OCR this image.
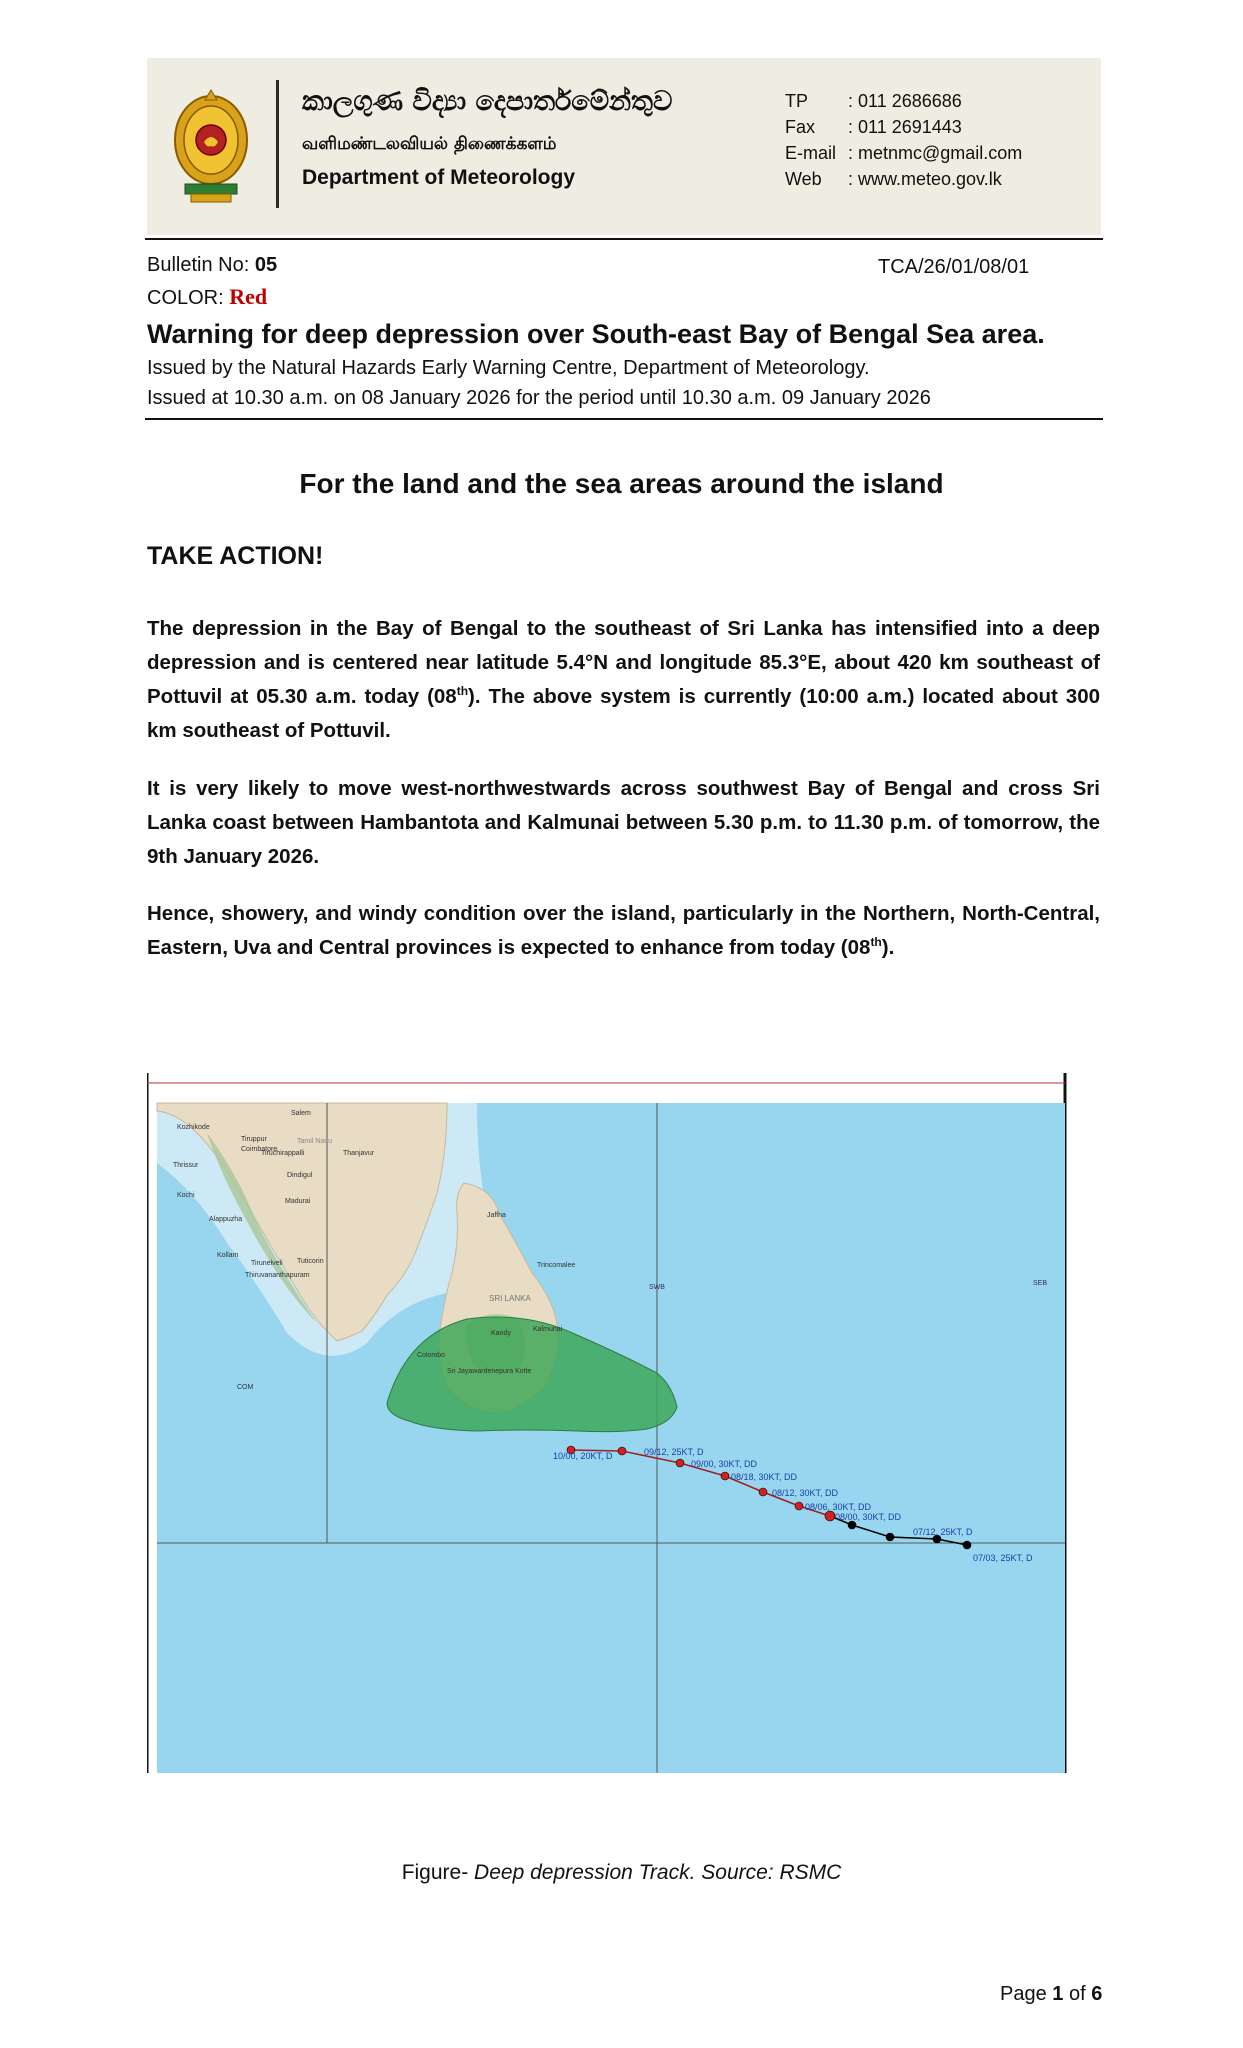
කාලගුණ විද්‍යා දෙපාර්තමේන්තුව
வளிமண்டலவியல் திணைக்களம்
Department of Meteorology
TP : 011 2686686
Fax : 011 2691443
E-mail : metnmc@gmail.com
Web : www.meteo.gov.lk
Bulletin No: 05	TCA/26/01/08/01
COLOR: Red
Warning for deep depression over South-east Bay of Bengal Sea area.
Issued by the Natural Hazards Early Warning Centre, Department of Meteorology.
Issued at 10.30 a.m. on 08 January 2026 for the period until 10.30 a.m. 09 January 2026
For the land and the sea areas around the island
TAKE ACTION!
The depression in the Bay of Bengal to the southeast of Sri Lanka has intensified into a deep depression and is centered near latitude 5.4°N and longitude 85.3°E, about 420 km southeast of Pottuvil at 05.30 a.m. today (08th). The above system is currently (10:00 a.m.) located about 300 km southeast of Pottuvil.
It is very likely to move west-northwestwards across southwest Bay of Bengal and cross Sri Lanka coast between Hambantota and Kalmunai between 5.30 p.m. to 11.30 p.m. of tomorrow, the 9th January 2026.
Hence, showery, and windy condition over the island, particularly in the Northern, North-Central, Eastern, Uva and Central provinces is expected to enhance from today (08th).
Salem
Kozhikode
Tiruppur
Coimbatore
Tamil Nadu
Tiruchirappalli	Thanjavur
Thrissur
Dindigul
Kochi
Madurai
Alappuzha
Kollam
Tirunelveli Tuticorin
Thiruvananthapuram
Jaffna
Trincomalee
SRI LANKA
Kandy
Kalmunai
Colombo
Sri Jayawardenepura Kotte
SWB
SEB
COM
07/03, 25KT, D
07/12, 25KT, D
08/00, 30KT, DD
08/06, 30KT, DD
08/12, 30KT, DD
08/18, 30KT, DD
09/00, 30KT, DD
09/12, 25KT, D
10/00, 20KT, D
Figure- Deep depression Track. Source: RSMC
Page 1 of 6
